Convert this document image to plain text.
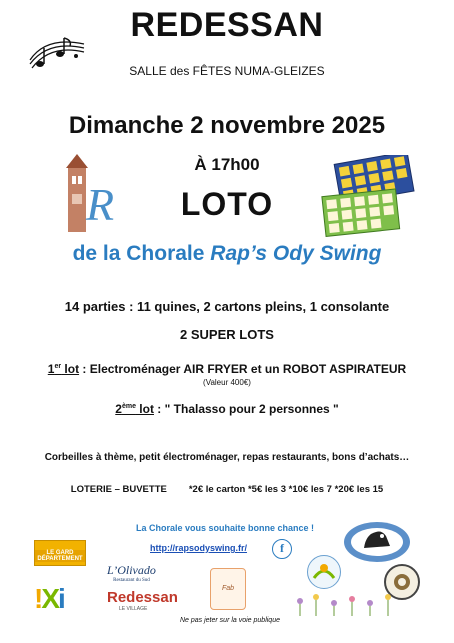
REDESSAN
SALLE des FÊTES NUMA-GLEIZES
Dimanche 2 novembre 2025
R
À 17h00
LOTO
de la Chorale Rap’s Ody Swing
14 parties : 11 quines, 2 cartons pleins, 1 consolante
2 SUPER LOTS
1er lot : Electroménager AIR FRYER et un ROBOT ASPIRATEUR
(Valeur 400€)
2ème lot : " Thalasso pour 2 personnes "
Corbeilles à thème, petit électroménager, repas restaurants, bons d’achats…
LOTERIE – BUVETTE *2€ le carton *5€ les 3 *10€ les 7 *20€ les 15
La Chorale vous souhaite bonne chance !
http://rapsodyswing.fr/	f
LE GARD DÉPARTEMENT
L’Olivado
Restaurant du Sud
!Xi	Redessan
LE VILLAGE
Fab
Ne pas jeter sur la voie publique
